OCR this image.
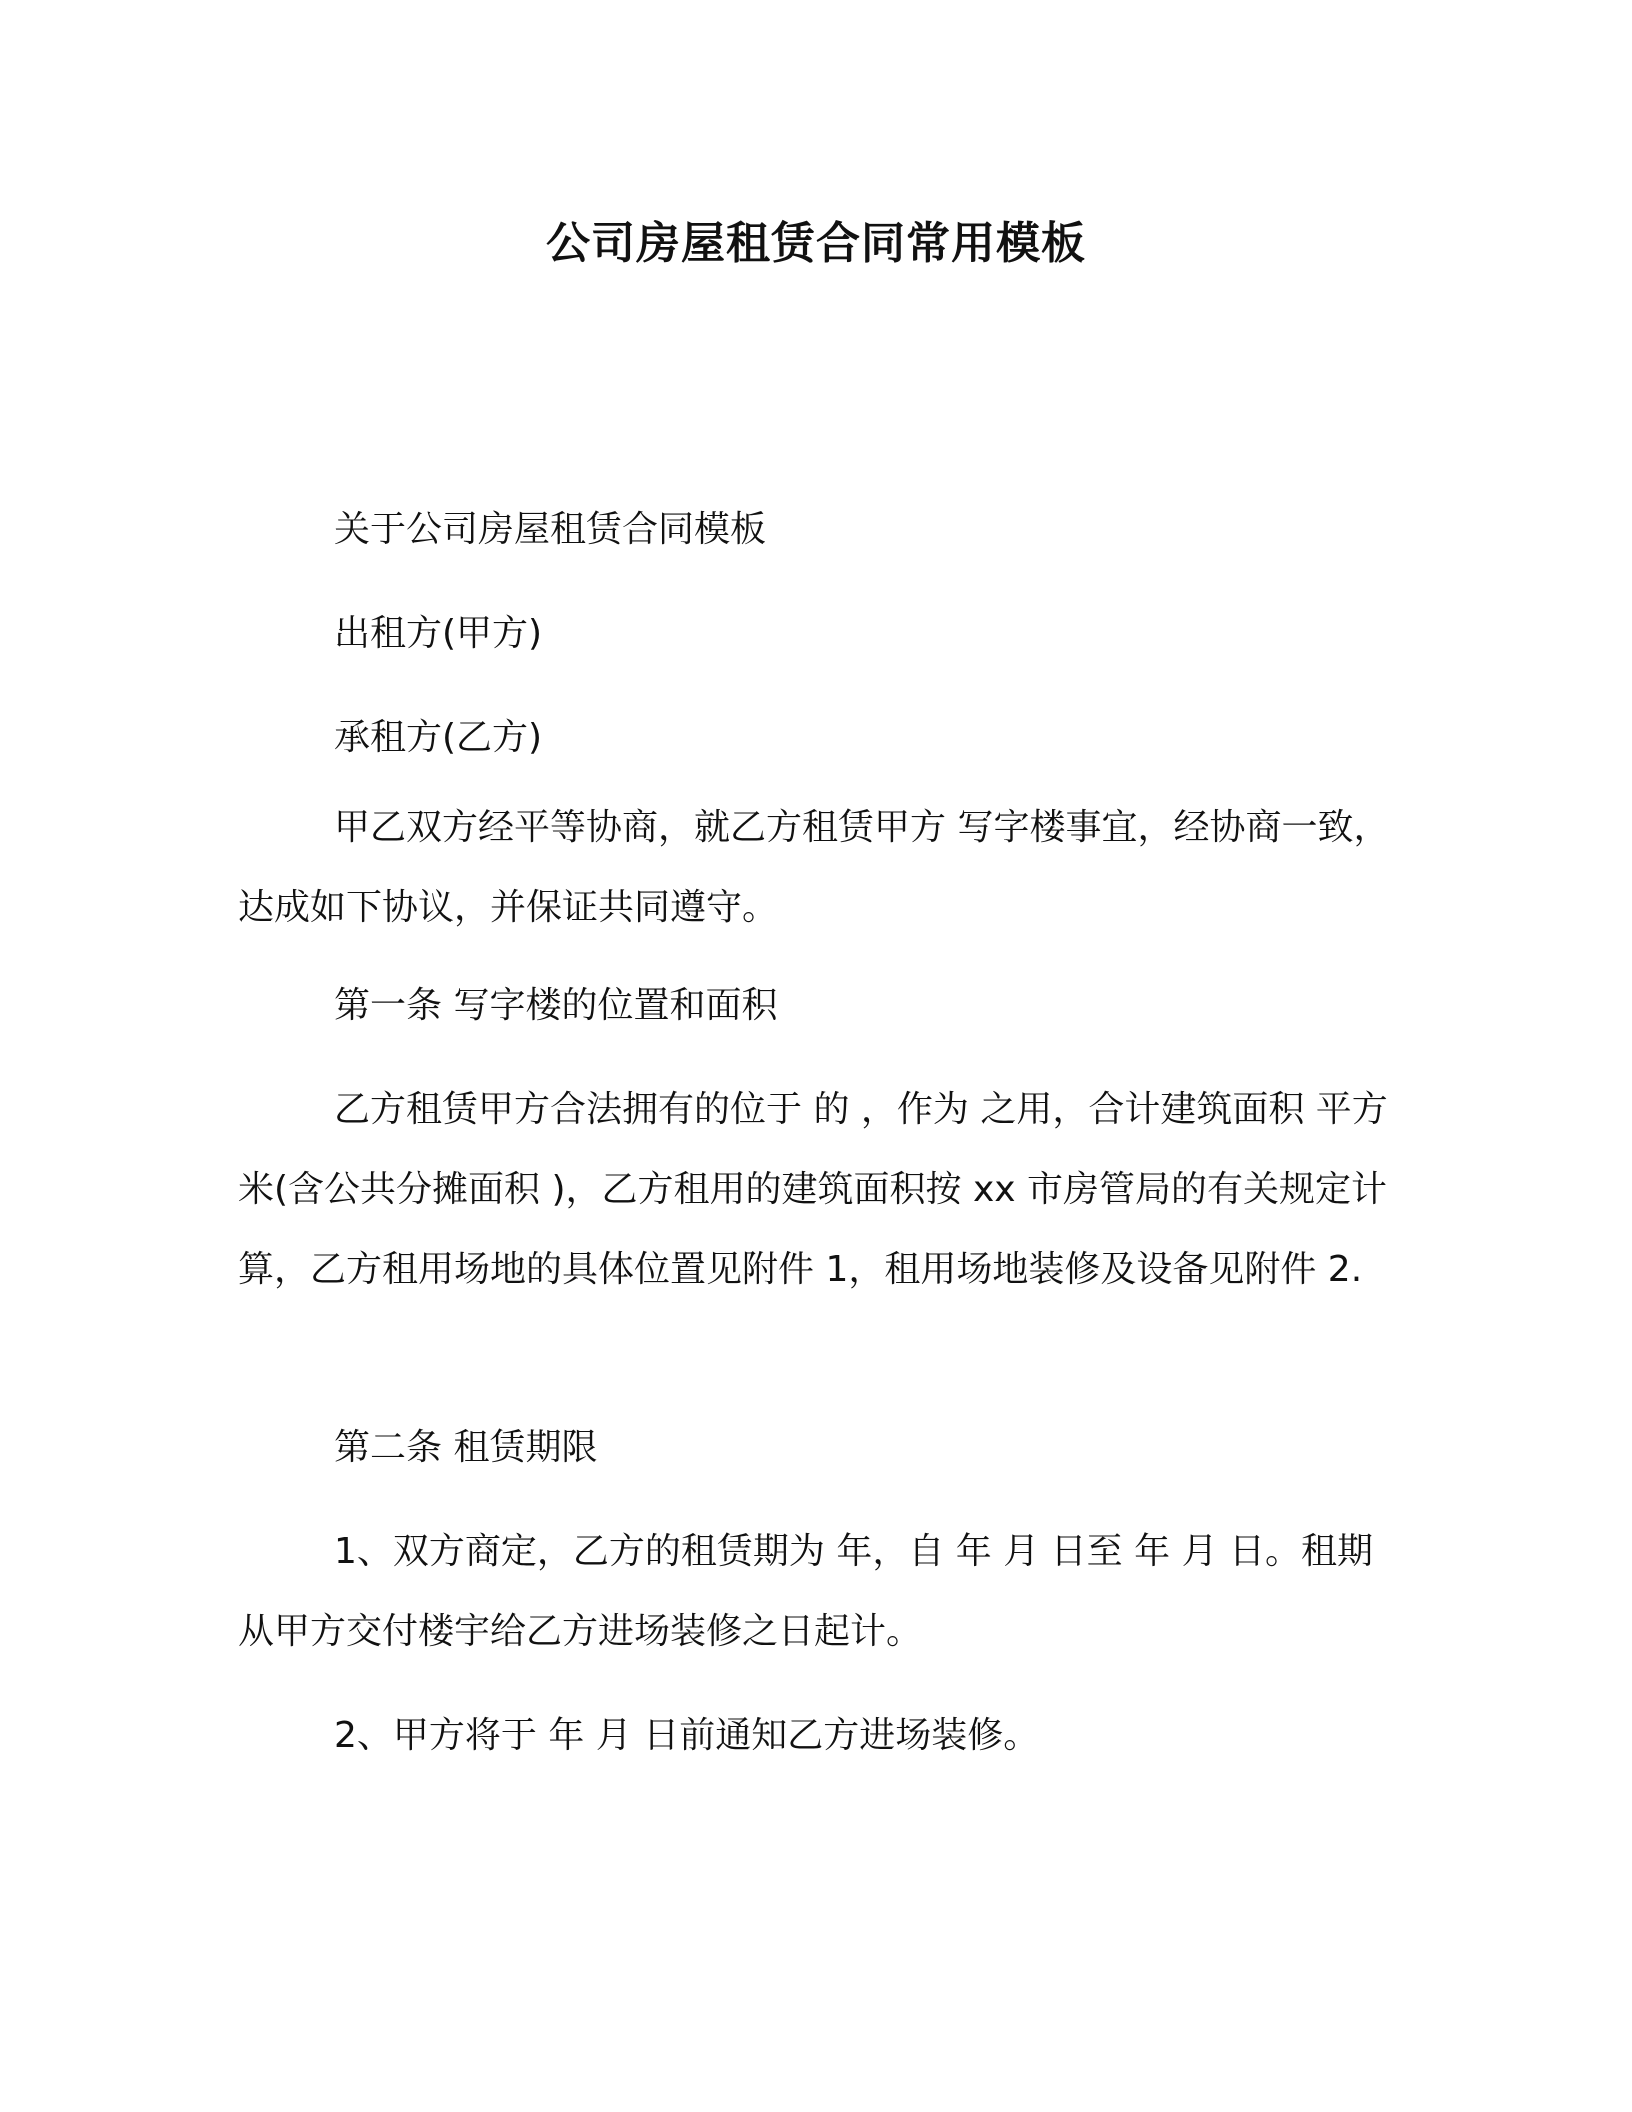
公司房屋租赁合同常用模板

关于公司房屋租赁合同模板

出租方(甲方)

承租方(乙方)

甲乙双方经平等协商，就乙方租赁甲方 写字楼事宜，经协商一致，达成如下协议，并保证共同遵守。

第一条 写字楼的位置和面积

乙方租赁甲方合法拥有的位于 的 ，作为 之用，合计建筑面积 平方米(含公共分摊面积 )，乙方租用的建筑面积按 xx 市房管局的有关规定计算，乙方租用场地的具体位置见附件 1，租用场地装修及设备见附件 2.

第二条 租赁期限

1、双方商定，乙方的租赁期为 年，自 年 月 日至 年 月 日。租期从甲方交付楼宇给乙方进场装修之日起计。

2、甲方将于 年 月 日前通知乙方进场装修。
